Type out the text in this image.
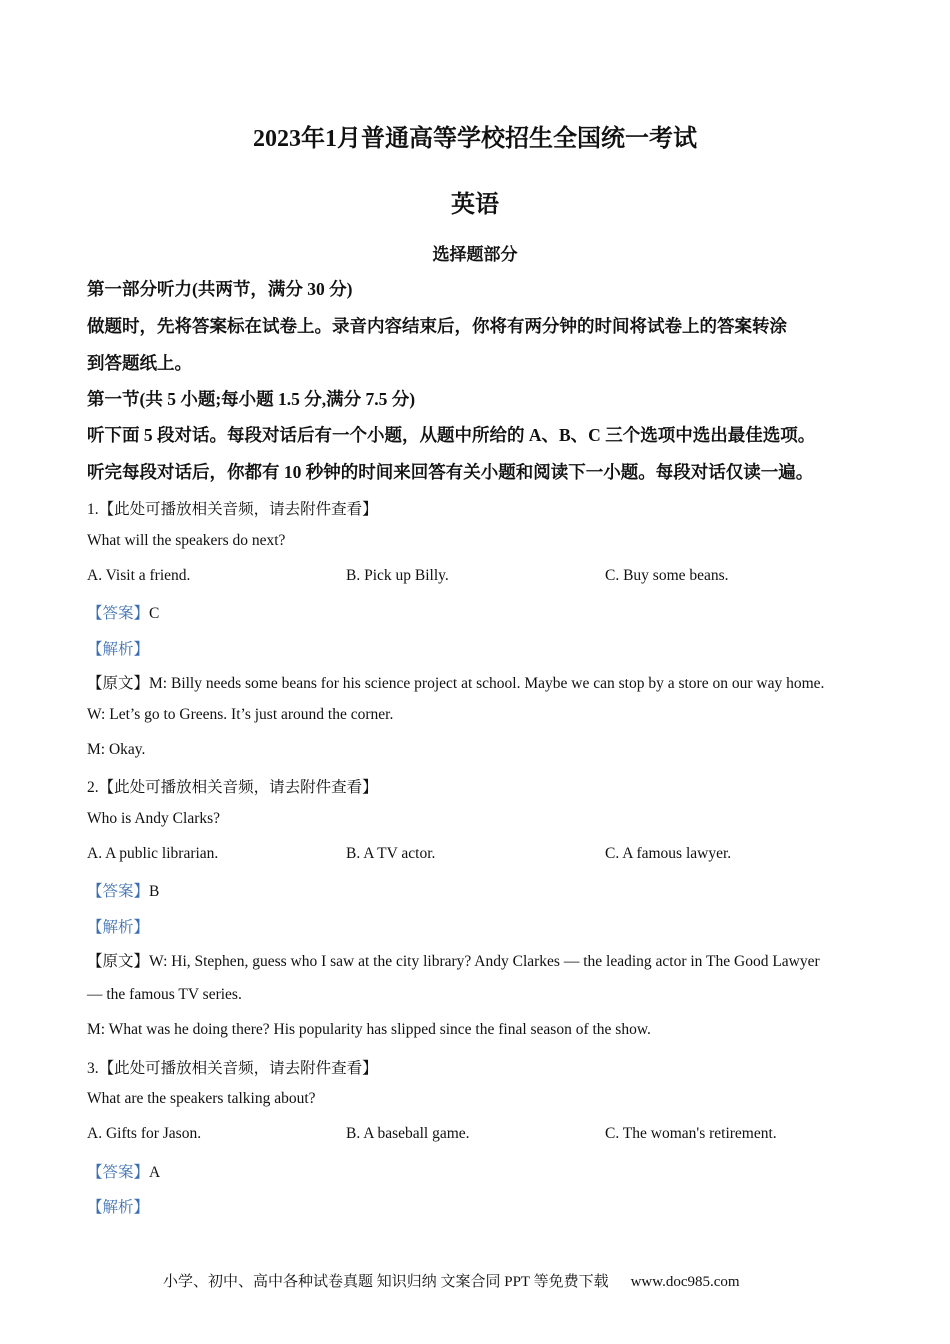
2023年1月普通高等学校招生全国统一考试
英语
选择题部分
第一部分听力(共两节，满分 30 分)
做题时，先将答案标在试卷上。录音内容结束后，你将有两分钟的时间将试卷上的答案转涂
到答题纸上。
第一节(共 5 小题;每小题 1.5 分,满分 7.5 分)
听下面 5 段对话。每段对话后有一个小题，从题中所给的 A、B、C 三个选项中选出最佳选项。
听完每段对话后，你都有 10 秒钟的时间来回答有关小题和阅读下一小题。每段对话仅读一遍。
1.【此处可播放相关音频，请去附件查看】
What will the speakers do next?
A. Visit a friend.	B. Pick up Billy.	C. Buy some beans.
【答案】C
【解析】
【原文】M: Billy needs some beans for his science project at school. Maybe we can stop by a store on our way home.
W: Let’s go to Greens. It’s just around the corner.
M: Okay.
2.【此处可播放相关音频，请去附件查看】
Who is Andy Clarks?
A. A public librarian.	B. A TV actor.	C. A famous lawyer.
【答案】B
【解析】
【原文】W: Hi, Stephen, guess who I saw at the city library? Andy Clarkes — the leading actor in The Good Lawyer
— the famous TV series.
M: What was he doing there? His popularity has slipped since the final season of the show.
3.【此处可播放相关音频，请去附件查看】
What are the speakers talking about?
A. Gifts for Jason.	B. A baseball game.	C. The woman's retirement.
【答案】A
【解析】
小学、初中、高中各种试卷真题 知识归纳 文案合同 PPT 等免费下载 www.doc985.com
